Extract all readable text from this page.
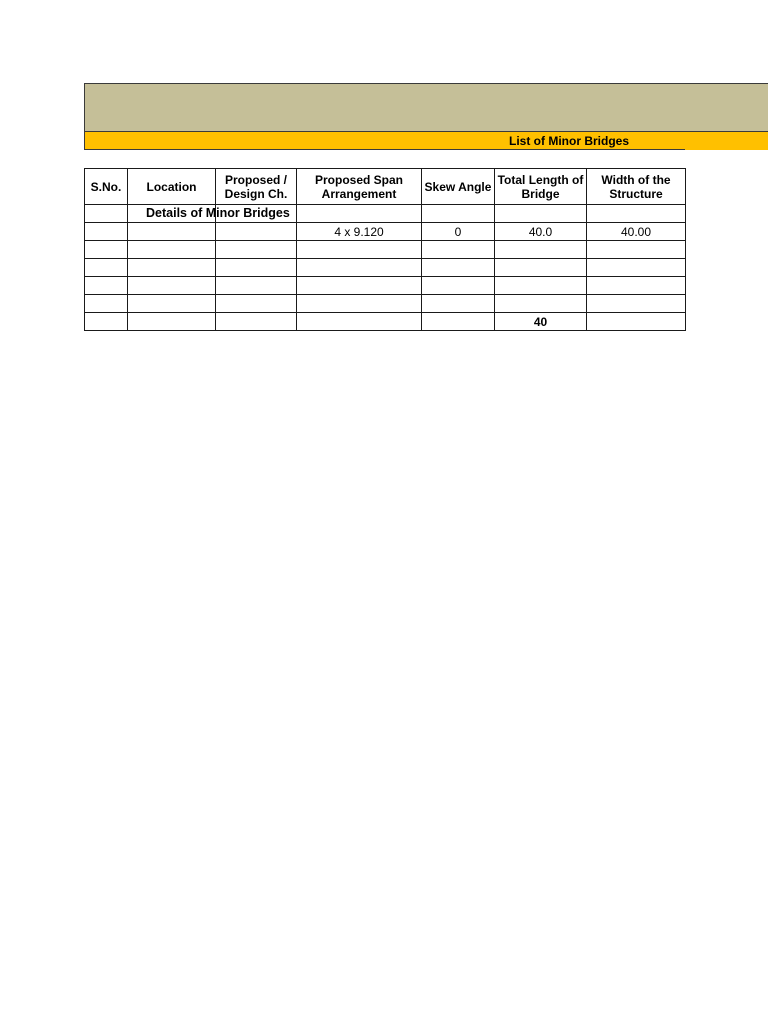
List of Minor Bridges
S.No.	Location	Proposed / Design Ch.	Proposed Span Arrangement	Skew Angle	Total Length of Bridge	Width of the Structure

	Details of Minor Bridges					

			4 x 9.120	0	40.0	40.00

					40	
